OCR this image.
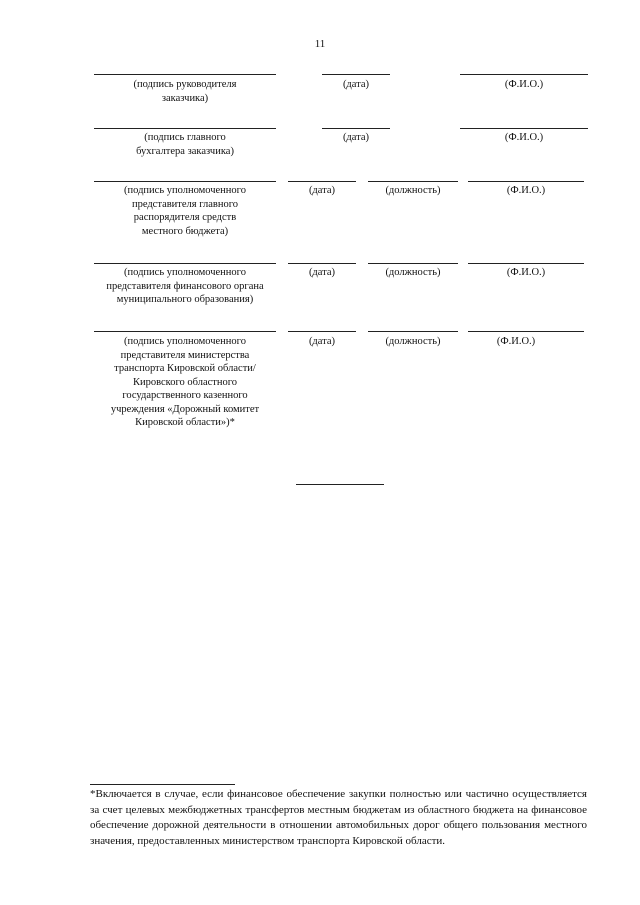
11
(подпись руководителя
заказчика)
(дата)	(Ф.И.О.)
(подпись главного
бухгалтера заказчика)
(дата)	(Ф.И.О.)
(подпись уполномоченного
представителя главного
распорядителя средств
местного бюджета)
(дата)	(должность)	(Ф.И.О.)
(подпись уполномоченного
представителя финансового органа
муниципального образования)
(дата)	(должность)	(Ф.И.О.)
(подпись уполномоченного
представителя министерства
транспорта Кировской области/
Кировского областного
государственного казенного
учреждения «Дорожный комитет
Кировской области»)*
(дата)	(должность)	(Ф.И.О.)
*Включается в случае, если финансовое обеспечение закупки полностью или частично осуществляется за счет целевых межбюджетных трансфертов местным бюджетам из областного бюджета на финансовое обеспечение дорожной деятельности в отношении автомобильных дорог общего пользования местного значения, предоставленных министерством транспорта Кировской области.
